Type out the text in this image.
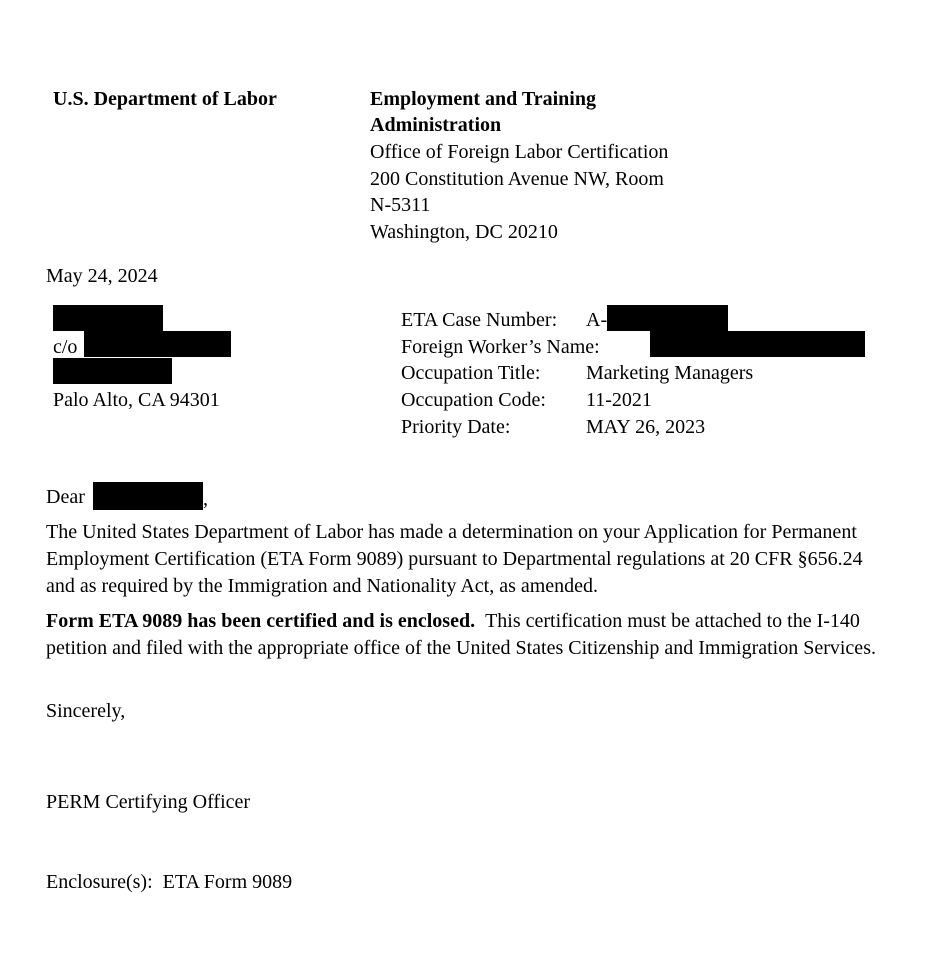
U.S. Department of Labor	Employment and Training
Administration
Office of Foreign Labor Certification
200 Constitution Avenue NW, Room
N-5311
Washington, DC 20210
May 24, 2024
c/o
Palo Alto, CA 94301
ETA Case Number: A-
Foreign Worker’s Name:
Occupation Title: Marketing Managers
Occupation Code: 11-2021
Priority Date:	MAY 26, 2023
Dear	,
The United States Department of Labor has made a determination on your Application for Permanent Employment Certification (ETA Form 9089) pursuant to Departmental regulations at 20 CFR §656.24 and as required by the Immigration and Nationality Act, as amended.
Form ETA 9089 has been certified and is enclosed. This certification must be attached to the I-140 petition and filed with the appropriate office of the United States Citizenship and Immigration Services.
Sincerely,
PERM Certifying Officer
Enclosure(s):  ETA Form 9089
